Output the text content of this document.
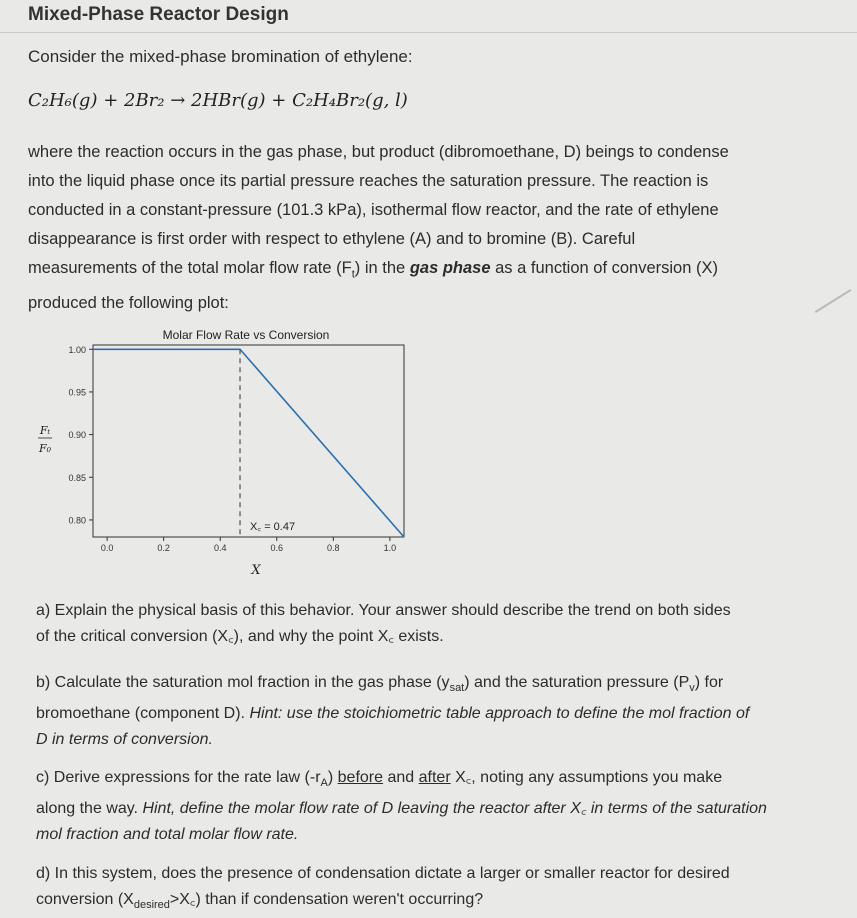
Mixed-Phase Reactor Design
Consider the mixed-phase bromination of ethylene:
C₂H₆(g) + 2Br₂ → 2HBr(g) + C₂H₄Br₂(g, l)
where the reaction occurs in the gas phase, but product (dibromoethane, D) beings to condense
into the liquid phase once its partial pressure reaches the saturation pressure. The reaction is
conducted in a constant-pressure (101.3 kPa), isothermal flow reactor, and the rate of ethylene
disappearance is first order with respect to ethylene (A) and to bromine (B). Careful
measurements of the total molar flow rate $(F_t)$ in the gas phase as a function of conversion (X)
produced the following plot:
Molar Flow Rate vs Conversion
1.00
0.95
0.90
0.85
0.80
0.0	0.2	0.4	0.6	0.8	1.0
X꜀ = 0.47
X
Fₜ
F₀
a) Explain the physical basis of this behavior. Your answer should describe the trend on both sides
of the critical conversion (X꜀), and why the point X꜀ exists.
b) Calculate the saturation mol fraction in the gas phase $(y_{sat})$ and the saturation pressure $(P_v)$ for
bromoethane (component D). Hint: use the stoichiometric table approach to define the mol fraction of
D in terms of conversion.
c) Derive expressions for the rate law $(-r_A)$ before and after X꜀, noting any assumptions you make
along the way. Hint, define the molar flow rate of D leaving the reactor after X꜀ in terms of the saturation
mol fraction and total molar flow rate.
d) In this system, does the presence of condensation dictate a larger or smaller reactor for desired
conversion $(X_{desired}>X꜀)$ than if condensation weren't occurring?
